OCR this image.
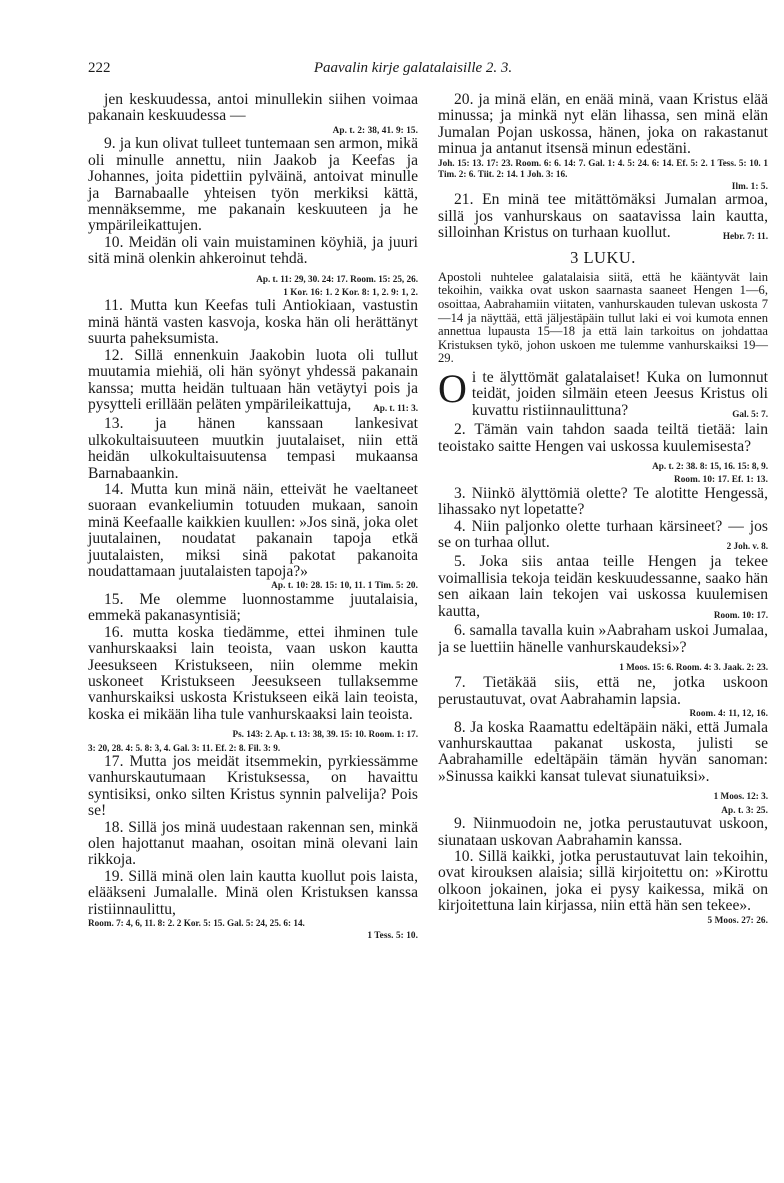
222	Paavalin kirje galatalaisille 2. 3.

jen keskuudessa, antoi minullekin siihen voimaa pakanain keskuudessa —

Ap. t. 2: 38, 41. 9: 15.

9. ja kun olivat tulleet tuntemaan sen armon, mikä oli minulle annettu, niin Jaakob ja Keefas ja Johannes, joita pidettiin pylväinä, antoivat minulle ja Barnabaalle yhteisen työn merkiksi kättä, mennäksemme, me pakanain keskuuteen ja he ympärileikattujen.

10. Meidän oli vain muistaminen köyhiä, ja juuri sitä minä olenkin ahkeroinut tehdä.
Ap. t. 11: 29, 30. 24: 17. Room. 15: 25, 26.

1 Kor. 16: 1. 2 Kor. 8: 1, 2. 9: 1, 2.

11. Mutta kun Keefas tuli Antiokiaan, vastustin minä häntä vasten kasvoja, koska hän oli herättänyt suurta paheksumista.

12. Sillä ennenkuin Jaakobin luota oli tullut muutamia miehiä, oli hän syönyt yhdessä pakanain kanssa; mutta heidän tultuaan hän vetäytyi pois ja pysytteli erillään peläten ympärileikattuja,	Ap. t. 11: 3.

13. ja hänen kanssaan lankesivat ulkokultaisuuteen muutkin juutalaiset, niin että heidän ulkokultaisuutensa tempasi mukaansa Barnabaankin.

14. Mutta kun minä näin, etteivät he vaeltaneet suoraan evankeliumin totuuden mukaan, sanoin minä Keefaalle kaikkien kuullen: »Jos sinä, joka olet juutalainen, noudatat pakanain tapoja etkä juutalaisten, miksi sinä pakotat pakanoita noudattamaan juutalaisten tapoja?»

Ap. t. 10: 28. 15: 10, 11. 1 Tim. 5: 20.

15. Me olemme luonnostamme juutalaisia, emmekä pakanasyntisiä;

16. mutta koska tiedämme, ettei ihminen tule vanhurskaaksi lain teoista, vaan uskon kautta Jeesukseen Kristukseen, niin olemme mekin uskoneet Kristukseen Jeesukseen tullaksemme vanhurskaiksi uskosta Kristukseen eikä lain teoista, koska ei mikään liha tule vanhurskaaksi lain teoista.
Ps. 143: 2. Ap. t. 13: 38, 39. 15: 10. Room. 1: 17.

3: 20, 28. 4: 5. 8: 3, 4. Gal. 3: 11. Ef. 2: 8. Fil. 3: 9.

17. Mutta jos meidät itsemmekin, pyrkiessämme vanhurskautumaan Kristuksessa, on havaittu syntisiksi, onko silten Kristus synnin palvelija? Pois se!

18. Sillä jos minä uudestaan rakennan sen, minkä olen hajottanut maahan, osoitan minä olevani lain rikkoja.

19. Sillä minä olen lain kautta kuollut pois laista, elääkseni Jumalalle. Minä olen Kristuksen kanssa ristiinnaulittu,

Room. 7: 4, 6, 11. 8: 2. 2 Kor. 5: 15. Gal. 5: 24, 25. 6: 14.
1 Tess. 5: 10.

20. ja minä elän, en enää minä, vaan Kristus elää minussa; ja minkä nyt elän lihassa, sen minä elän Jumalan Pojan uskossa, hänen, joka on rakastanut minua ja antanut itsensä minun edestäni.

Joh. 15: 13. 17: 23. Room. 6: 6. 14: 7. Gal. 1: 4. 5: 24. 6: 14. Ef. 5: 2. 1 Tess. 5: 10. 1 Tim. 2: 6. Tiit. 2: 14. 1 Joh. 3: 16.
Ilm. 1: 5.

21. En minä tee mitättömäksi Jumalan armoa, sillä jos vanhurskaus on saatavissa lain kautta, silloinhan Kristus on turhaan kuollut.	Hebr. 7: 11.

3 LUKU.
Apostoli nuhtelee galatalaisia siitä, että he kääntyvät lain tekoihin, vaikka ovat uskon saarnasta saaneet Hengen 1—6, osoittaa, Aabrahamiin viitaten, vanhurskauden tulevan uskosta 7—14 ja näyttää, että jäljestäpäin tullut laki ei voi kumota ennen annettua lupausta 15—18 ja että lain tarkoitus on johdattaa Kristuksen tykö, johon uskoen me tulemme vanhurskaiksi 19—29.

Oi te älyttömät galatalaiset! Kuka on lumonnut teidät, joiden silmäin eteen Jeesus Kristus oli kuvattu ristiinnaulittuna?	Gal. 5: 7.

2. Tämän vain tahdon saada teiltä tietää: lain teoistako saitte Hengen vai uskossa kuulemisesta?
Ap. t. 2: 38. 8: 15, 16. 15: 8, 9.

Room. 10: 17. Ef. 1: 13.

3. Niinkö älyttömiä olette? Te alotitte Hengessä, lihassako nyt lopetatte?

4. Niin paljonko olette turhaan kärsineet? — jos se on turhaa ollut.	2 Joh. v. 8.

5. Joka siis antaa teille Hengen ja tekee voimallisia tekoja teidän keskuudessanne, saako hän sen aikaan lain tekojen vai uskossa kuulemisen kautta,	Room. 10: 17.

6. samalla tavalla kuin »Aabraham uskoi Jumalaa, ja se luettiin hänelle vanhurskaudeksi»?
1 Moos. 15: 6. Room. 4: 3. Jaak. 2: 23.

7. Tietäkää siis, että ne, jotka uskoon perustautuvat, ovat Aabrahamin lapsia.

Room. 4: 11, 12, 16.

8. Ja koska Raamattu edeltäpäin näki, että Jumala vanhurskauttaa pakanat uskosta, julisti se Aabrahamille edeltäpäin tämän hyvän sanoman: »Sinussa kaikki kansat tulevat siunatuiksi».
1 Moos. 12: 3.

Ap. t. 3: 25.

9. Niinmuodoin ne, jotka perustautuvat uskoon, siunataan uskovan Aabrahamin kanssa.

10. Sillä kaikki, jotka perustautuvat lain tekoihin, ovat kirouksen alaisia; sillä kirjoitettu on: »Kirottu olkoon jokainen, joka ei pysy kaikessa, mikä on kirjoitettuna lain kirjassa, niin että hän sen tekee».

5 Moos. 27: 26.
